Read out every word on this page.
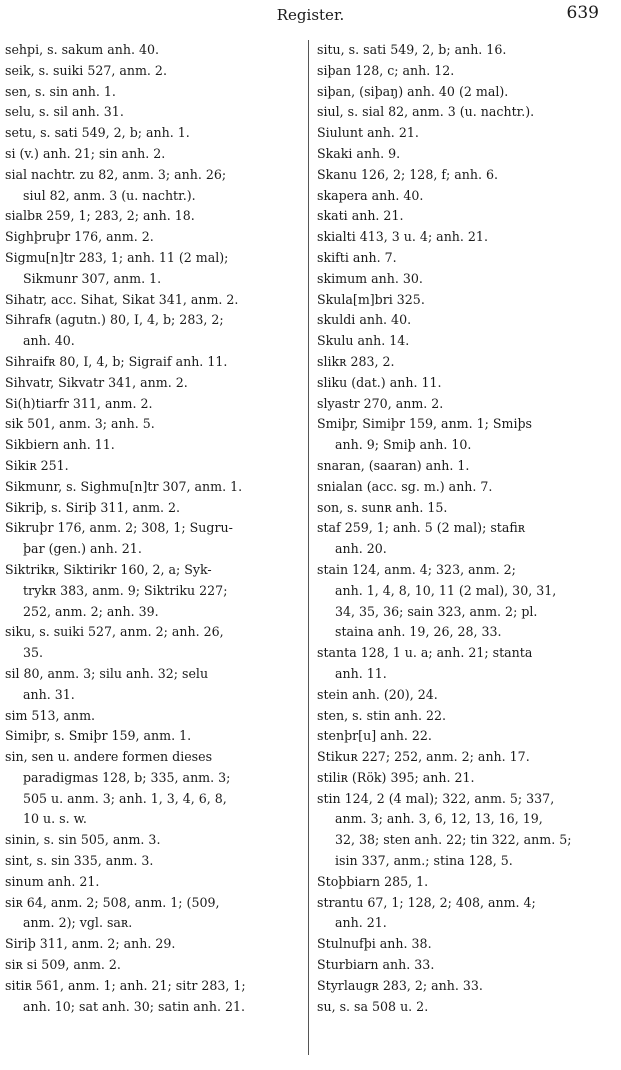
Register.	639
sehpi, s. sakum anh. 40.
seik, s. suiki 527, anm. 2.
sen, s. sin anh. 1.
selu, s. sil anh. 31.
setu, s. sati 549, 2, b; anh. 1.
si (v.) anh. 21; sin anh. 2.
sial nachtr. zu 82, anm. 3; anh. 26;
siul 82, anm. 3 (u. nachtr.).
sialbʀ 259, 1; 283, 2; anh. 18.
Sighþruþr 176, anm. 2.
Sigmu[n]tr 283, 1; anh. 11 (2 mal);
Sikmunr 307, anm. 1.
Sihatr, acc. Sihat, Sikat 341, anm. 2.
Sihrafʀ (agutn.) 80, I, 4, b; 283, 2;
anh. 40.
Sihraifʀ 80, I, 4, b; Sigraif anh. 11.
Sihvatr, Sikvatr 341, anm. 2.
Si(h)tiarfr 311, anm. 2.
sik 501, anm. 3; anh. 5.
Sikbiern anh. 11.
Sikiʀ 251.
Sikmunr, s. Sighmu[n]tr 307, anm. 1.
Sikriþ, s. Siriþ 311, anm. 2.
Sikruþr 176, anm. 2; 308, 1; Sugru-
þar (gen.) anh. 21.
Siktrikʀ, Siktirikr 160, 2, a; Syk-
trykʀ 383, anm. 9; Siktriku 227;
252, anm. 2; anh. 39.
siku, s. suiki 527, anm. 2; anh. 26,
35.
sil 80, anm. 3; silu anh. 32; selu
anh. 31.
sim 513, anm.
Simiþr, s. Smiþr 159, anm. 1.
sin, sen u. andere formen dieses
paradigmas 128, b; 335, anm. 3;
505 u. anm. 3; anh. 1, 3, 4, 6, 8,
10 u. s. w.
sinin, s. sin 505, anm. 3.
sint, s. sin 335, anm. 3.
sinum anh. 21.
siʀ 64, anm. 2; 508, anm. 1; (509,
anm. 2); vgl. saʀ.
Siriþ 311, anm. 2; anh. 29.
siʀ si 509, anm. 2.
sitiʀ 561, anm. 1; anh. 21; sitr 283, 1;
anh. 10; sat anh. 30; satin anh. 21.
situ, s. sati 549, 2, b; anh. 16.
siþan 128, c; anh. 12.
siþan, (siþaŋ) anh. 40 (2 mal).
siul, s. sial 82, anm. 3 (u. nachtr.).
Siulunt anh. 21.
Skaki anh. 9.
Skanu 126, 2; 128, f; anh. 6.
skapera anh. 40.
skati anh. 21.
skialti 413, 3 u. 4; anh. 21.
skifti anh. 7.
skimum anh. 30.
Skula[m]bri 325.
skuldi anh. 40.
Skulu anh. 14.
slikʀ 283, 2.
sliku (dat.) anh. 11.
slyastr 270, anm. 2.
Smiþr, Simiþr 159, anm. 1; Smiþs
anh. 9; Smiþ anh. 10.
snaran, (saaran) anh. 1.
snialan (acc. sg. m.) anh. 7.
son, s. sunʀ anh. 15.
staf 259, 1; anh. 5 (2 mal); stafiʀ
anh. 20.
stain 124, anm. 4; 323, anm. 2;
anh. 1, 4, 8, 10, 11 (2 mal), 30, 31,
34, 35, 36; sain 323, anm. 2; pl.
staina anh. 19, 26, 28, 33.
stanta 128, 1 u. a; anh. 21; stanta
anh. 11.
stein anh. (20), 24.
sten, s. stin anh. 22.
stenþr[u] anh. 22.
Stikuʀ 227; 252, anm. 2; anh. 17.
stiliʀ (Rök) 395; anh. 21.
stin 124, 2 (4 mal); 322, anm. 5; 337,
anm. 3; anh. 3, 6, 12, 13, 16, 19,
32, 38; sten anh. 22; tin 322, anm. 5;
isin 337, anm.; stina 128, 5.
Stoþbiarn 285, 1.
strantu 67, 1; 128, 2; 408, anm. 4;
anh. 21.
Stulnufþi anh. 38.
Sturbiarn anh. 33.
Styrlaugʀ 283, 2; anh. 33.
su, s. sa 508 u. 2.
